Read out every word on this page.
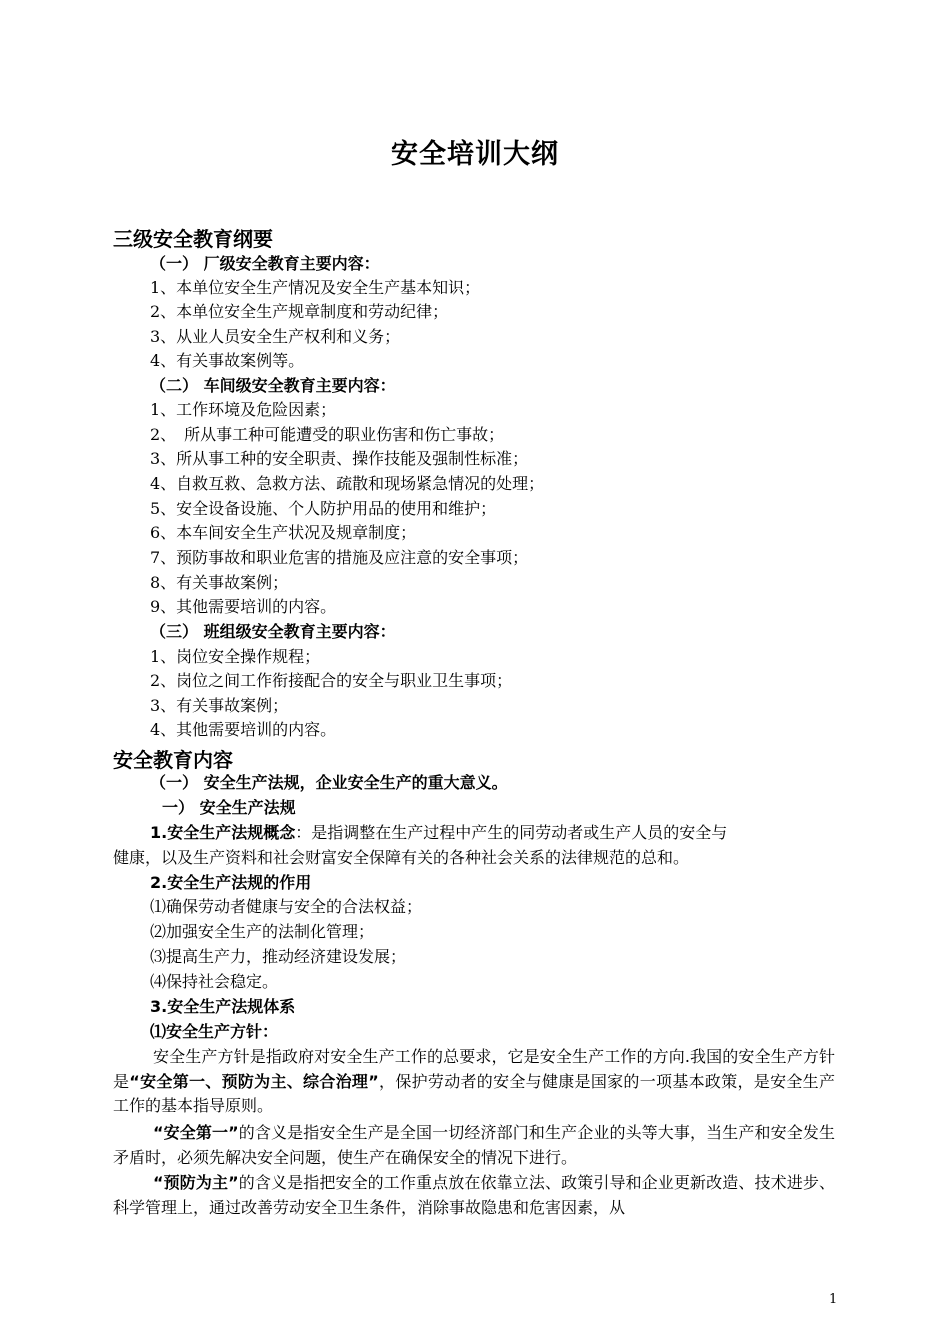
安全培训大纲
三级安全教育纲要
（一） 厂级安全教育主要内容：
1、本单位安全生产情况及安全生产基本知识；
2、本单位安全生产规章制度和劳动纪律；
3、从业人员安全生产权利和义务；
4、有关事故案例等。
（二） 车间级安全教育主要内容：
1、工作环境及危险因素；
2、　所从事工种可能遭受的职业伤害和伤亡事故；
3、所从事工种的安全职责、操作技能及强制性标准；
4、自救互救、急救方法、疏散和现场紧急情况的处理；
5、安全设备设施、个人防护用品的使用和维护；
6、本车间安全生产状况及规章制度；
7、预防事故和职业危害的措施及应注意的安全事项；
8、有关事故案例；
9、其他需要培训的内容。
（三） 班组级安全教育主要内容：
1、岗位安全操作规程；
2、岗位之间工作衔接配合的安全与职业卫生事项；
3、有关事故案例；
4、其他需要培训的内容。
安全教育内容
（一） 安全生产法规，企业安全生产的重大意义。
一） 安全生产法规
1.安全生产法规概念：是指调整在生产过程中产生的同劳动者或生产人员的安全与
健康，以及生产资料和社会财富安全保障有关的各种社会关系的法律规范的总和。
2.安全生产法规的作用
⑴确保劳动者健康与安全的合法权益；
⑵加强安全生产的法制化管理；
⑶提高生产力，推动经济建设发展；
⑷保持社会稳定。
3.安全生产法规体系
⑴安全生产方针：
安全生产方针是指政府对安全生产工作的总要求，它是安全生产工作的方向.我国的安全生产方针是“安全第一、预防为主、综合治理”，保护劳动者的安全与健康是国家的一项基本政策，是安全生产工作的基本指导原则。
“安全第一”的含义是指安全生产是全国一切经济部门和生产企业的头等大事，当生产和安全发生矛盾时，必须先解决安全问题，使生产在确保安全的情况下进行。
“预防为主”的含义是指把安全的工作重点放在依靠立法、政策引导和企业更新改造、技术进步、科学管理上，通过改善劳动安全卫生条件，消除事故隐患和危害因素，从
1
